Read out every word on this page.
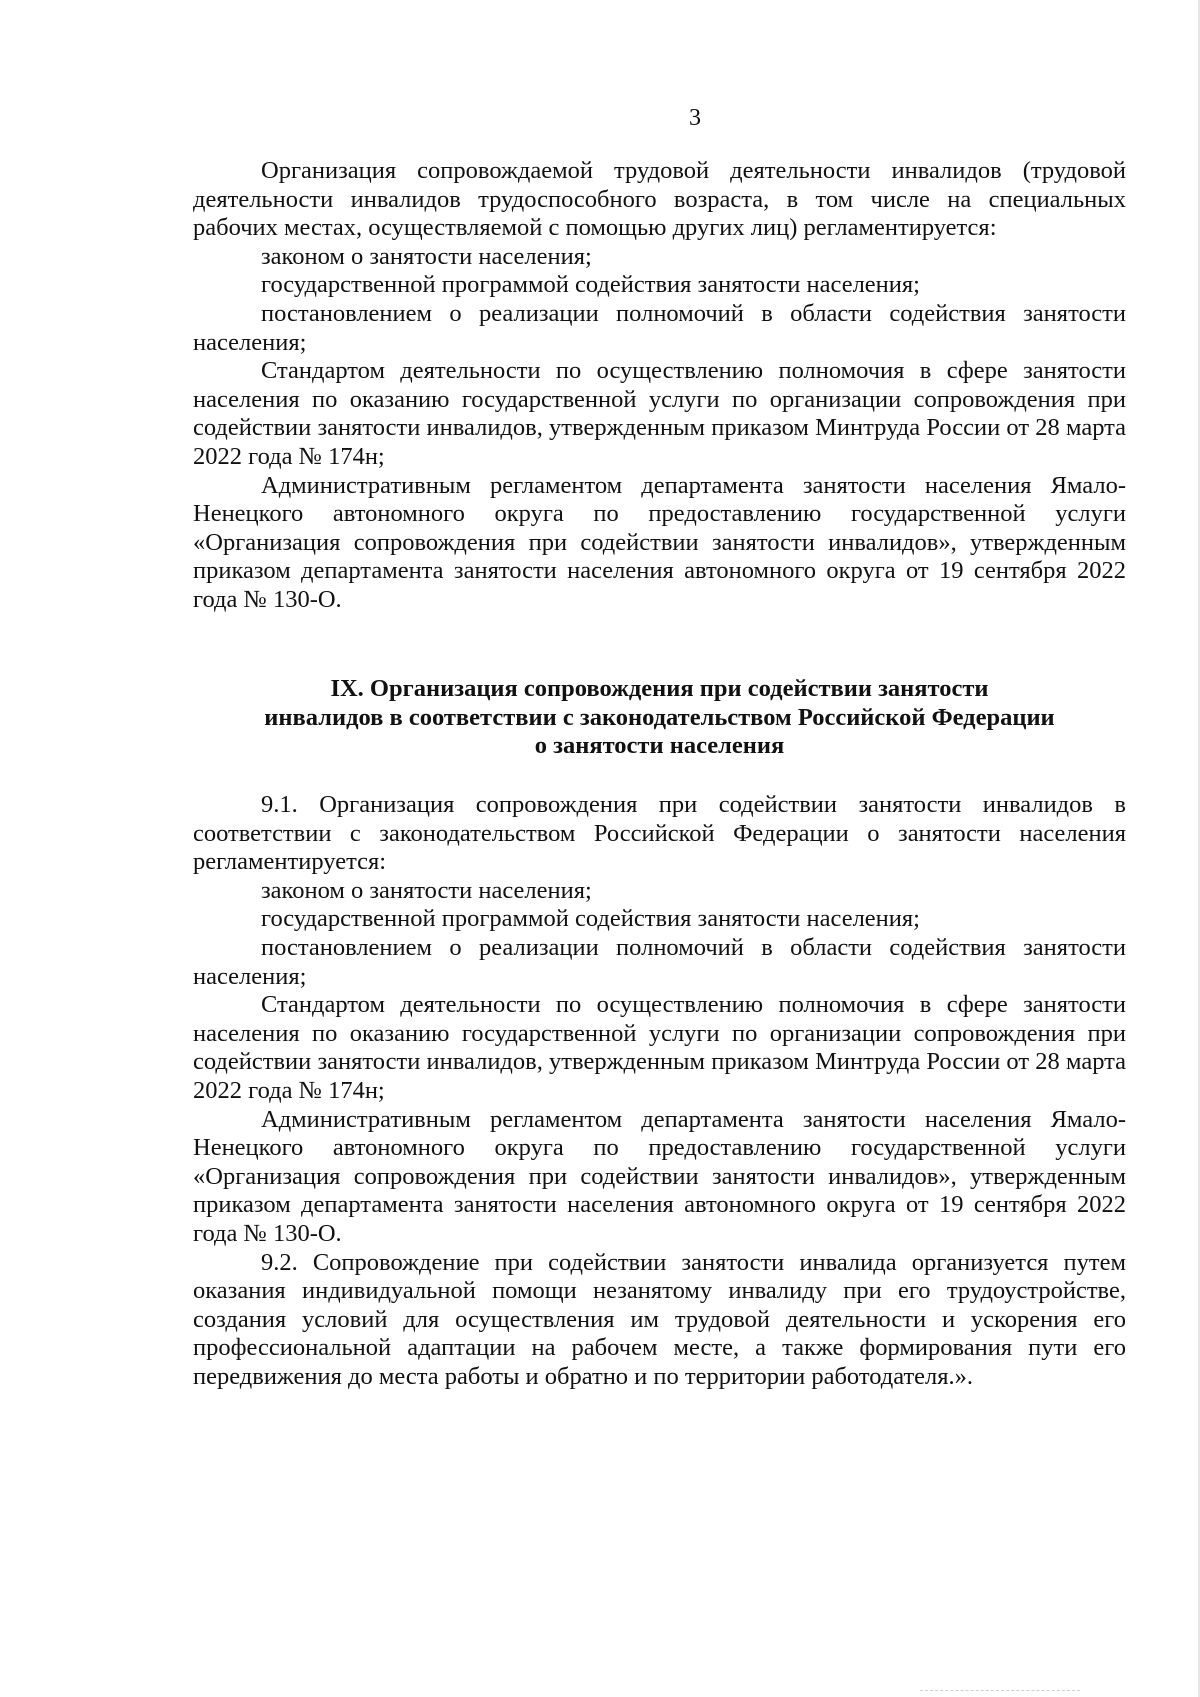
3

Организация сопровождаемой трудовой деятельности инвалидов (трудовой деятельности инвалидов трудоспособного возраста, в том числе на специальных рабочих местах, осуществляемой с помощью других лиц) регламентируется:

законом о занятости населения;

государственной программой содействия занятости населения;

постановлением о реализации полномочий в области содействия занятости населения;

Стандартом деятельности по осуществлению полномочия в сфере занятости населения по оказанию государственной услуги по организации сопровождения при содействии занятости инвалидов, утвержденным приказом Минтруда России от 28 марта 2022 года № 174н;

Административным регламентом департамента занятости населения Ямало-Ненецкого автономного округа по предоставлению государственной услуги «Организация сопровождения при содействии занятости инвалидов», утвержденным приказом департамента занятости населения автономного округа от 19 сентября 2022 года № 130-О.

IX. Организация сопровождения при содействии занятости
инвалидов в соответствии с законодательством Российской Федерации
о занятости населения

9.1. Организация сопровождения при содействии занятости инвалидов в соответствии с законодательством Российской Федерации о занятости населения регламентируется:

законом о занятости населения;

государственной программой содействия занятости населения;

постановлением о реализации полномочий в области содействия занятости населения;

Стандартом деятельности по осуществлению полномочия в сфере занятости населения по оказанию государственной услуги по организации сопровождения при содействии занятости инвалидов, утвержденным приказом Минтруда России от 28 марта 2022 года № 174н;

Административным регламентом департамента занятости населения Ямало-Ненецкого автономного округа по предоставлению государственной услуги «Организация сопровождения при содействии занятости инвалидов», утвержденным приказом департамента занятости населения автономного округа от 19 сентября 2022 года № 130-О.

9.2. Сопровождение при содействии занятости инвалида организуется путем оказания индивидуальной помощи незанятому инвалиду при его трудоустройстве, создания условий для осуществления им трудовой деятельности и ускорения его профессиональной адаптации на рабочем месте, а также формирования пути его передвижения до места работы и обратно и по территории работодателя.».
